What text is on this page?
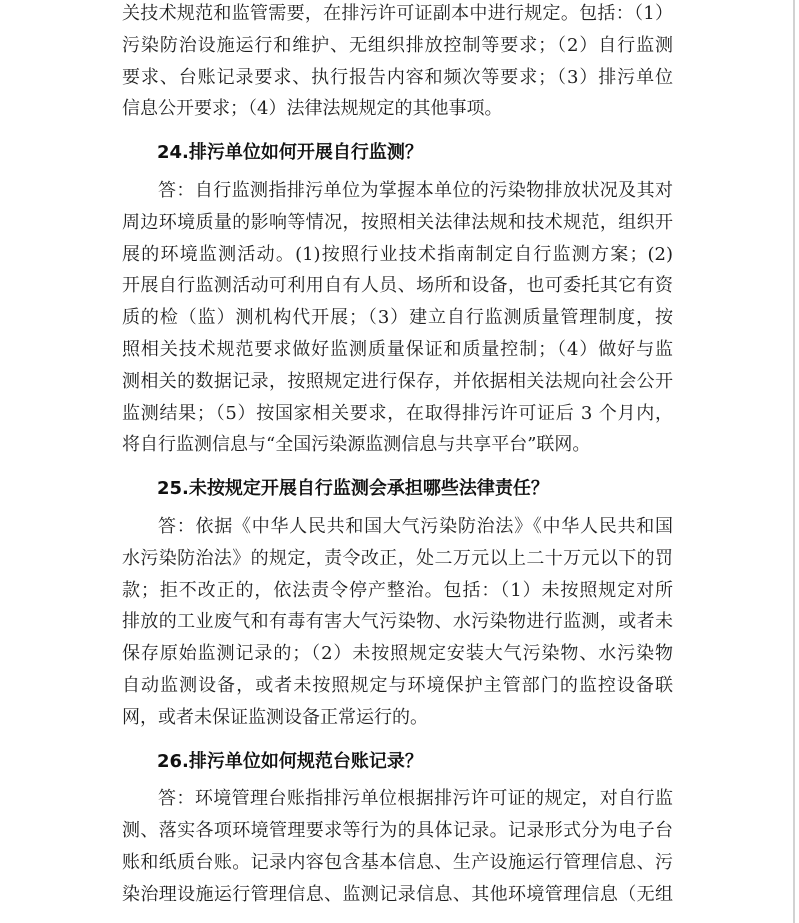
关技术规范和监管需要，在排污许可证副本中进行规定。包括：（1）
污染防治设施运行和维护、无组织排放控制等要求；（2）自行监测
要求、台账记录要求、执行报告内容和频次等要求；（3）排污单位
信息公开要求；（4）法律法规规定的其他事项。
24.排污单位如何开展自行监测？
答：自行监测指排污单位为掌握本单位的污染物排放状况及其对
周边环境质量的影响等情况，按照相关法律法规和技术规范，组织开
展的环境监测活动。(1)按照行业技术指南制定自行监测方案；(2)
开展自行监测活动可利用自有人员、场所和设备，也可委托其它有资
质的检（监）测机构代开展；（3）建立自行监测质量管理制度，按
照相关技术规范要求做好监测质量保证和质量控制；（4）做好与监
测相关的数据记录，按照规定进行保存，并依据相关法规向社会公开
监测结果；（5）按国家相关要求，在取得排污许可证后 3 个月内，
将自行监测信息与“全国污染源监测信息与共享平台”联网。
25.未按规定开展自行监测会承担哪些法律责任？
答：依据《中华人民共和国大气污染防治法》《中华人民共和国
水污染防治法》的规定，责令改正，处二万元以上二十万元以下的罚
款；拒不改正的，依法责令停产整治。包括：（1）未按照规定对所
排放的工业废气和有毒有害大气污染物、水污染物进行监测，或者未
保存原始监测记录的；（2）未按照规定安装大气污染物、水污染物
自动监测设备，或者未按照规定与环境保护主管部门的监控设备联
网，或者未保证监测设备正常运行的。
26.排污单位如何规范台账记录？
答：环境管理台账指排污单位根据排污许可证的规定，对自行监
测、落实各项环境管理要求等行为的具体记录。记录形式分为电子台
账和纸质台账。记录内容包含基本信息、生产设施运行管理信息、污
染治理设施运行管理信息、监测记录信息、其他环境管理信息（无组
